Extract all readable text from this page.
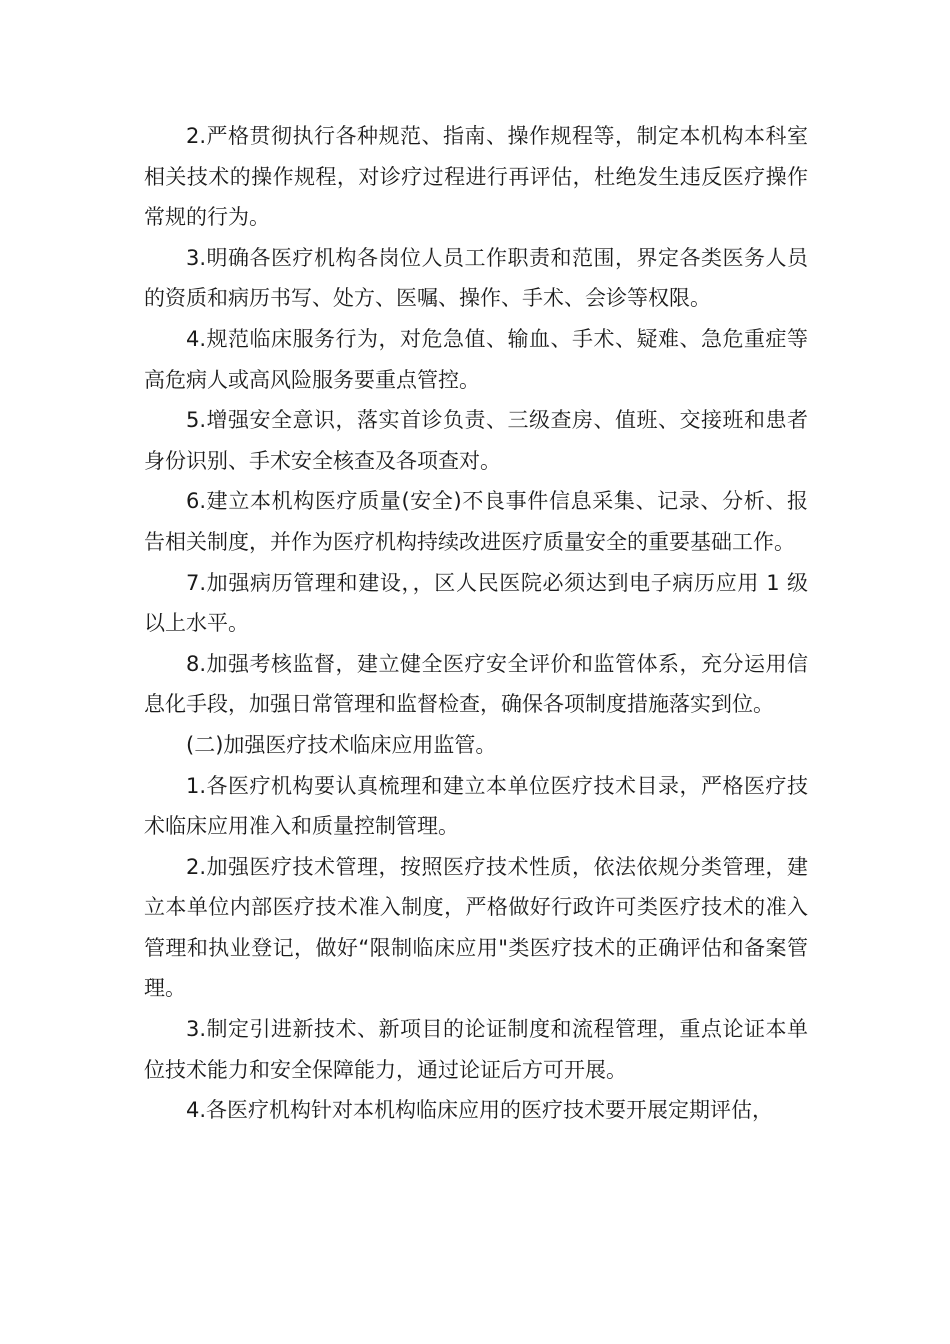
2.严格贯彻执行各种规范、指南、操作规程等，制定本机构本科室相关技术的操作规程，对诊疗过程进行再评估，杜绝发生违反医疗操作常规的行为。

3.明确各医疗机构各岗位人员工作职责和范围，界定各类医务人员的资质和病历书写、处方、医嘱、操作、手术、会诊等权限。

4.规范临床服务行为，对危急值、输血、手术、疑难、急危重症等高危病人或高风险服务要重点管控。

5.增强安全意识，落实首诊负责、三级查房、值班、交接班和患者身份识别、手术安全核查及各项查对。

6.建立本机构医疗质量(安全)不良事件信息采集、记录、分析、报告相关制度，并作为医疗机构持续改进医疗质量安全的重要基础工作。

7.加强病历管理和建设，，区人民医院必须达到电子病历应用 1 级以上水平。

8.加强考核监督，建立健全医疗安全评价和监管体系，充分运用信息化手段，加强日常管理和监督检查，确保各项制度措施落实到位。

(二)加强医疗技术临床应用监管。

1.各医疗机构要认真梳理和建立本单位医疗技术目录，严格医疗技术临床应用准入和质量控制管理。

2.加强医疗技术管理，按照医疗技术性质，依法依规分类管理，建立本单位内部医疗技术准入制度，严格做好行政许可类医疗技术的准入管理和执业登记，做好“限制临床应用"类医疗技术的正确评估和备案管理。

3.制定引进新技术、新项目的论证制度和流程管理，重点论证本单位技术能力和安全保障能力，通过论证后方可开展。

4.各医疗机构针对本机构临床应用的医疗技术要开展定期评估，
